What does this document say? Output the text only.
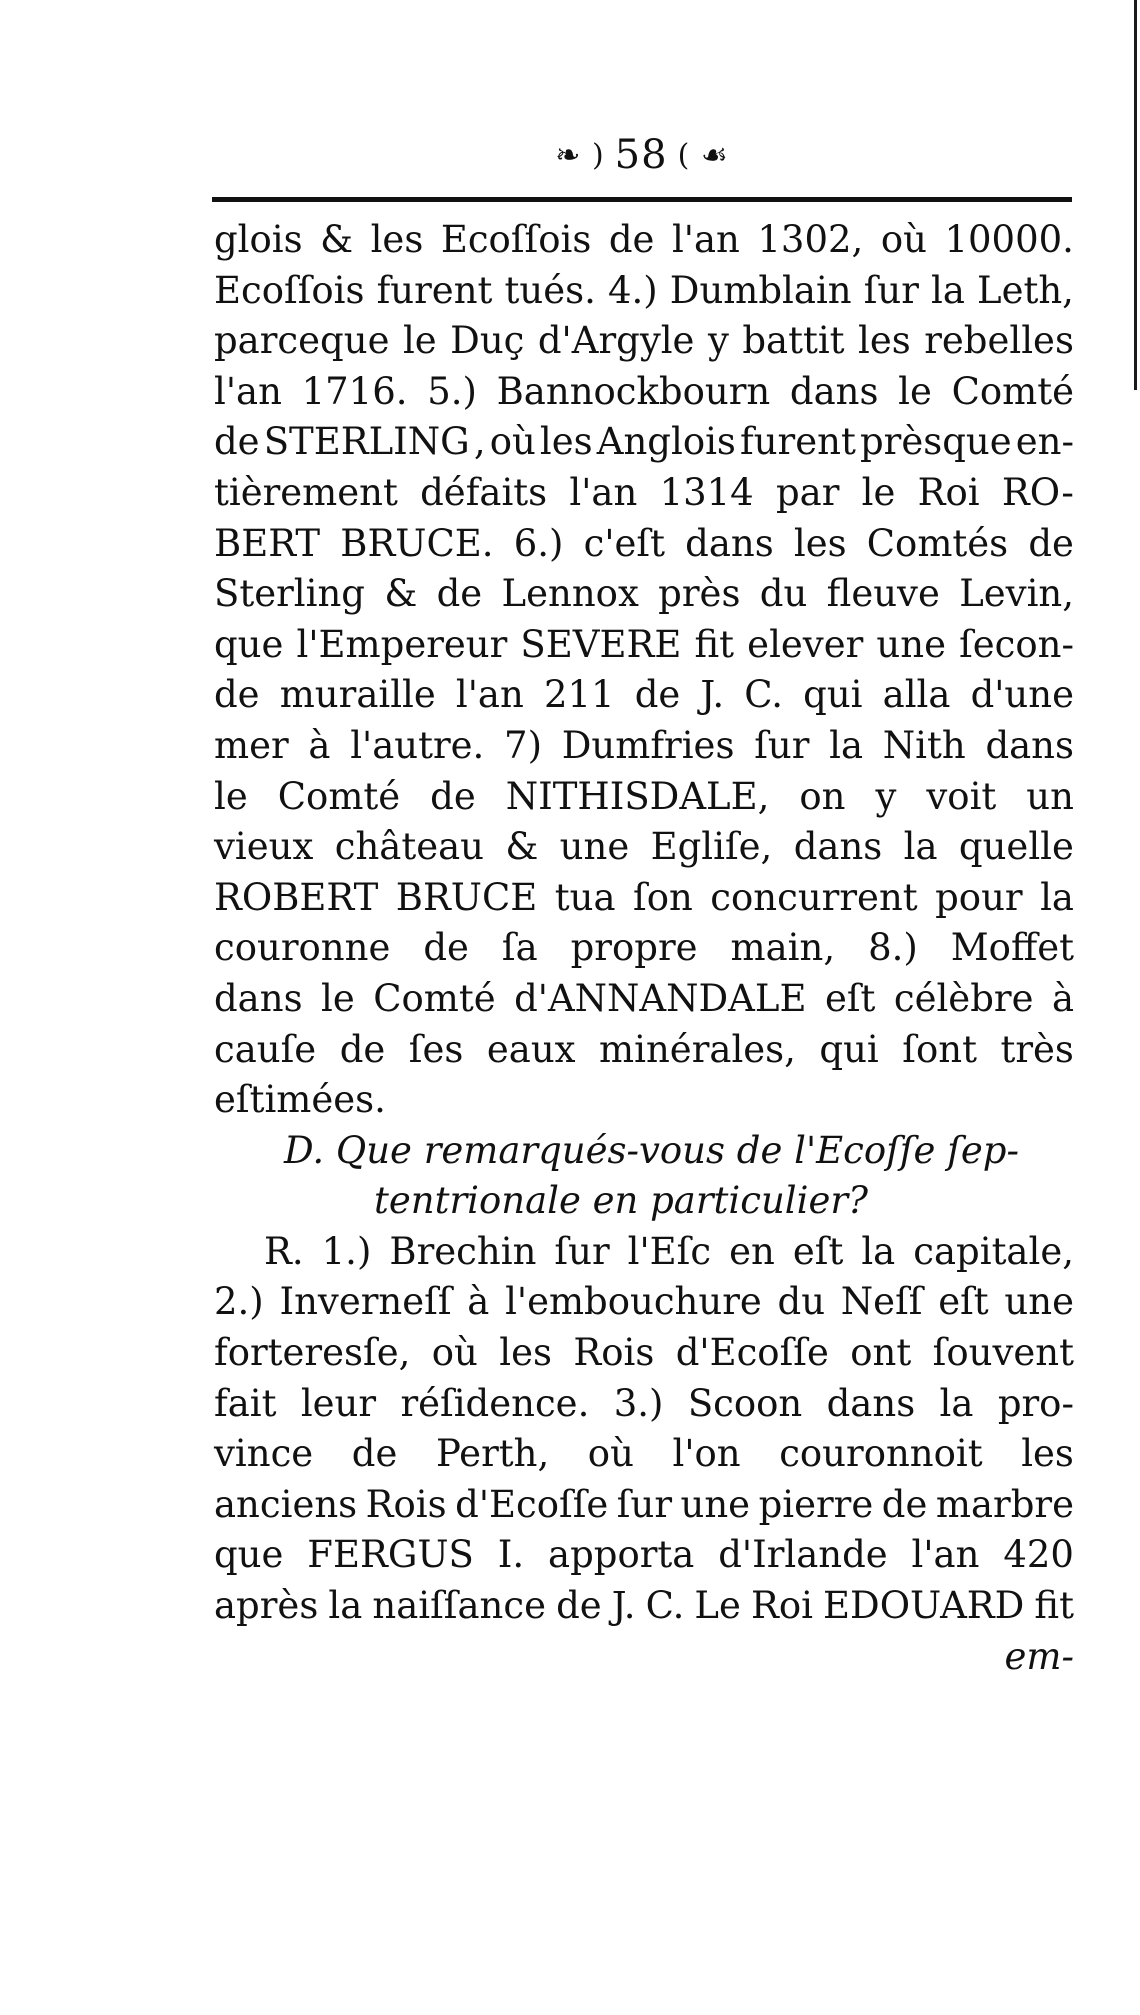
❧ ) 58 ( ☙
glois & les Ecoſſois de l'an 1302, où 10000.
Ecoſſois furent tués. 4.) Dumblain ſur la Leth,
parceque le Duç d'Argyle y battit les rebelles
l'an 1716. 5.) Bannockbourn dans le Comté
de STERLING , où les Anglois furent prèsque en-
tièrement défaits l'an 1314 par le Roi RO-
BERT BRUCE. 6.) c'eſt dans les Comtés de
Sterling & de Lennox près du fleuve Levin,
que l'Empereur SEVERE fit elever une ſecon-
de muraille l'an 211 de J. C. qui alla d'une
mer à l'autre. 7) Dumfries ſur la Nith dans
le Comté de NITHISDALE, on y voit un
vieux château & une Egliſe, dans la quelle
ROBERT BRUCE tua ſon concurrent pour la
couronne de ſa propre main, 8.) Moffet
dans le Comté d'ANNANDALE eſt célèbre à
cauſe de ſes eaux minérales, qui ſont très
eſtimées.
D. Que remarqués-vous de l'Ecoſſe ſep-
tentrionale en particulier?
R. 1.) Brechin ſur l'Eſc en eſt la capitale,
2.) Invernеſſ à l'embouchure du Neſſ eſt une
forteresſe, où les Rois d'Ecoſſe ont ſouvent
fait leur réſidence. 3.) Scoon dans la pro-
vince de Perth, où l'on couronnoit les
anciens Rois d'Ecoſſe ſur une pierre de marbre
que FERGUS I. apporta d'Irlande l'an 420
après la naiſſance de J. C. Le Roi EDOUARD fit
em-
